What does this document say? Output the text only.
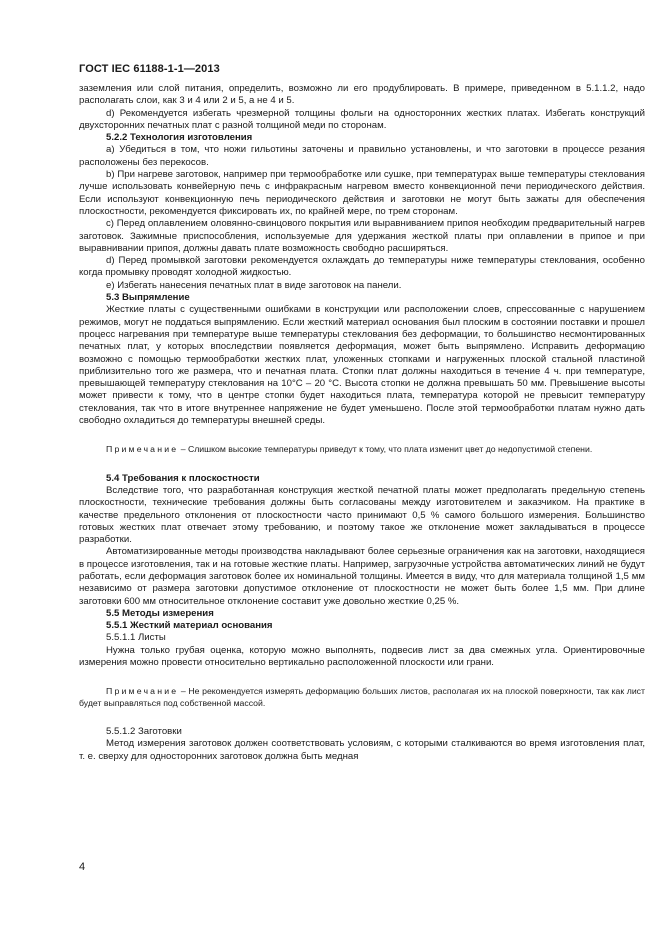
ГОСТ IEC 61188-1-1—2013

заземления или слой питания, определить, возможно ли его продублировать. В примере, приведенном в 5.1.1.2, надо располагать слои, как 3 и 4 или 2 и 5, а не 4 и 5.

d) Рекомендуется избегать чрезмерной толщины фольги на односторонних жестких платах. Избегать конструкций двухсторонних печатных плат с разной толщиной меди по сторонам.

5.2.2 Технология изготовления

a) Убедиться в том, что ножи гильотины заточены и правильно установлены, и что заготовки в процессе резания расположены без перекосов.

b) При нагреве заготовок, например при термообработке или сушке, при температурах выше температуры стеклования лучше использовать конвейерную печь с инфракрасным нагревом вместо конвекционной печи периодического действия. Если используют конвекционную печь периодического действия и заготовки не могут быть зажаты для обеспечения плоскостности, рекомендуется фиксировать их, по крайней мере, по трем сторонам.

c) Перед оплавлением оловянно-свинцового покрытия или выравниванием припоя необходим предварительный нагрев заготовок. Зажимные приспособления, используемые для удержания жесткой платы при оплавлении в припое и при выравнивании припоя, должны давать плате возможность свободно расширяться.

d) Перед промывкой заготовки рекомендуется охлаждать до температуры ниже температуры стеклования, особенно когда промывку проводят холодной жидкостью.

e) Избегать нанесения печатных плат в виде заготовок на панели.

5.3 Выпрямление

Жесткие платы с существенными ошибками в конструкции или расположении слоев, спрессованные с нарушением режимов, могут не поддаться выпрямлению. Если жесткий материал основания был плоским в состоянии поставки и прошел процесс нагревания при температуре выше температуры стеклования без деформации, то большинство несмонтированных печатных плат, у которых впоследствии появляется деформация, может быть выпрямлено. Исправить деформацию возможно с помощью термообработки жестких плат, уложенных стопками и нагруженных плоской стальной пластиной приблизительно того же размера, что и печатная плата. Стопки плат должны находиться в течение 4 ч. при температуре, превышающей температуру стеклования на 10°С – 20 °С. Высота стопки не должна превышать 50 мм. Превышение высоты может привести к тому, что в центре стопки будет находиться плата, температура которой не превысит температуру стеклования, так что в итоге внутреннее напряжение не будет уменьшено. После этой термообработки платам нужно дать свободно охладиться до температуры внешней среды.

Примечание – Слишком высокие температуры приведут к тому, что плата изменит цвет до недопустимой степени.

5.4 Требования к плоскостности

Вследствие того, что разработанная конструкция жесткой печатной платы может предполагать предельную степень плоскостности, технические требования должны быть согласованы между изготовителем и заказчиком. На практике в качестве предельного отклонения от плоскостности часто принимают 0,5 % самого большого измерения. Большинство готовых жестких плат отвечает этому требованию, и поэтому такое же отклонение может закладываться в процессе разработки.

Автоматизированные методы производства накладывают более серьезные ограничения как на заготовки, находящиеся в процессе изготовления, так и на готовые жесткие платы. Например, загрузочные устройства автоматических линий не будут работать, если деформация заготовок более их номинальной толщины. Имеется в виду, что для материала толщиной 1,5 мм независимо от размера заготовки допустимое отклонение от плоскостности не может быть более 1,5 мм. При длине заготовки 600 мм относительное отклонение составит уже довольно жесткие 0,25 %.

5.5 Методы измерения

5.5.1 Жесткий материал основания

5.5.1.1 Листы

Нужна только грубая оценка, которую можно выполнять, подвесив лист за два смежных угла. Ориентировочные измерения можно провести относительно вертикально расположенной плоскости или грани.

Примечание – Не рекомендуется измерять деформацию больших листов, располагая их на плоской поверхности, так как лист будет выправляться под собственной массой.

5.5.1.2 Заготовки

Метод измерения заготовок должен соответствовать условиям, с которыми сталкиваются во время изготовления плат, т. е. сверху для односторонних заготовок должна быть медная

4
